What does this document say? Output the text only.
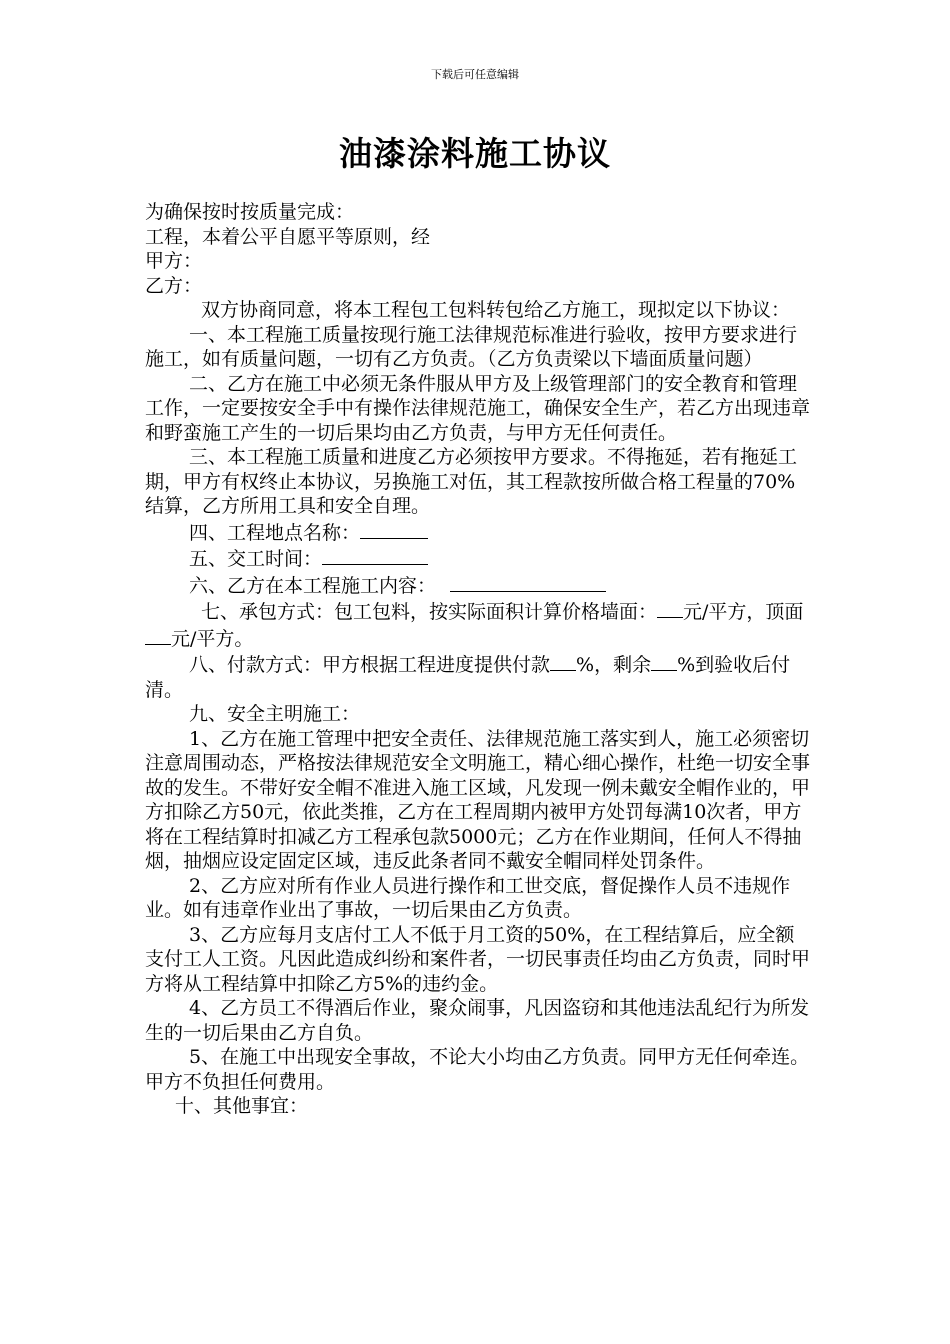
下载后可任意编辑
油漆涂料施工协议

为确保按时按质量完成：

工程，本着公平自愿平等原则，经

甲方：

乙方：

双方协商同意，将本工程包工包料转包给乙方施工，现拟定以下协议：

一、本工程施工质量按现行施工法律规范标准进行验收，按甲方要求进行施工，如有质量问题，一切有乙方负责。（乙方负责梁以下墙面质量问题）

二、乙方在施工中必须无条件服从甲方及上级管理部门的安全教育和管理工作，一定要按安全手中有操作法律规范施工，确保安全生产，若乙方出现违章和野蛮施工产生的一切后果均由乙方负责，与甲方无任何责任。

三、本工程施工质量和进度乙方必须按甲方要求。不得拖延，若有拖延工期，甲方有权终止本协议，另换施工对伍，其工程款按所做合格工程量的70%结算，乙方所用工具和安全自理。

四、工程地点名称：

五、交工时间：

六、乙方在本工程施工内容：

七、承包方式：包工包料，按实际面积计算价格墙面： 元/平方，顶面元/平方。

八、付款方式：甲方根据工程进度提供付款 %，剩余 %到验收后付清。

九、安全主明施工：

1、乙方在施工管理中把安全责任、法律规范施工落实到人，施工必须密切注意周围动态，严格按法律规范安全文明施工，精心细心操作，杜绝一切安全事故的发生。不带好安全帽不准进入施工区域，凡发现一例未戴安全帽作业的，甲方扣除乙方50元，依此类推，乙方在工程周期内被甲方处罚每满10次者，甲方将在工程结算时扣减乙方工程承包款5000元；乙方在作业期间，任何人不得抽烟，抽烟应设定固定区域，违反此条者同不戴安全帽同样处罚条件。

2、乙方应对所有作业人员进行操作和工世交底，督促操作人员不违规作业。如有违章作业出了事故，一切后果由乙方负责。

3、乙方应每月支店付工人不低于月工资的50%，在工程结算后，应全额支付工人工资。凡因此造成纠纷和案件者，一切民事责任均由乙方负责，同时甲方将从工程结算中扣除乙方5%的违约金。

4、乙方员工不得酒后作业，聚众闹事，凡因盗窃和其他违法乱纪行为所发生的一切后果由乙方自负。

5、在施工中出现安全事故，不论大小均由乙方负责。同甲方无任何牵连。甲方不负担任何费用。

十、其他事宜：
